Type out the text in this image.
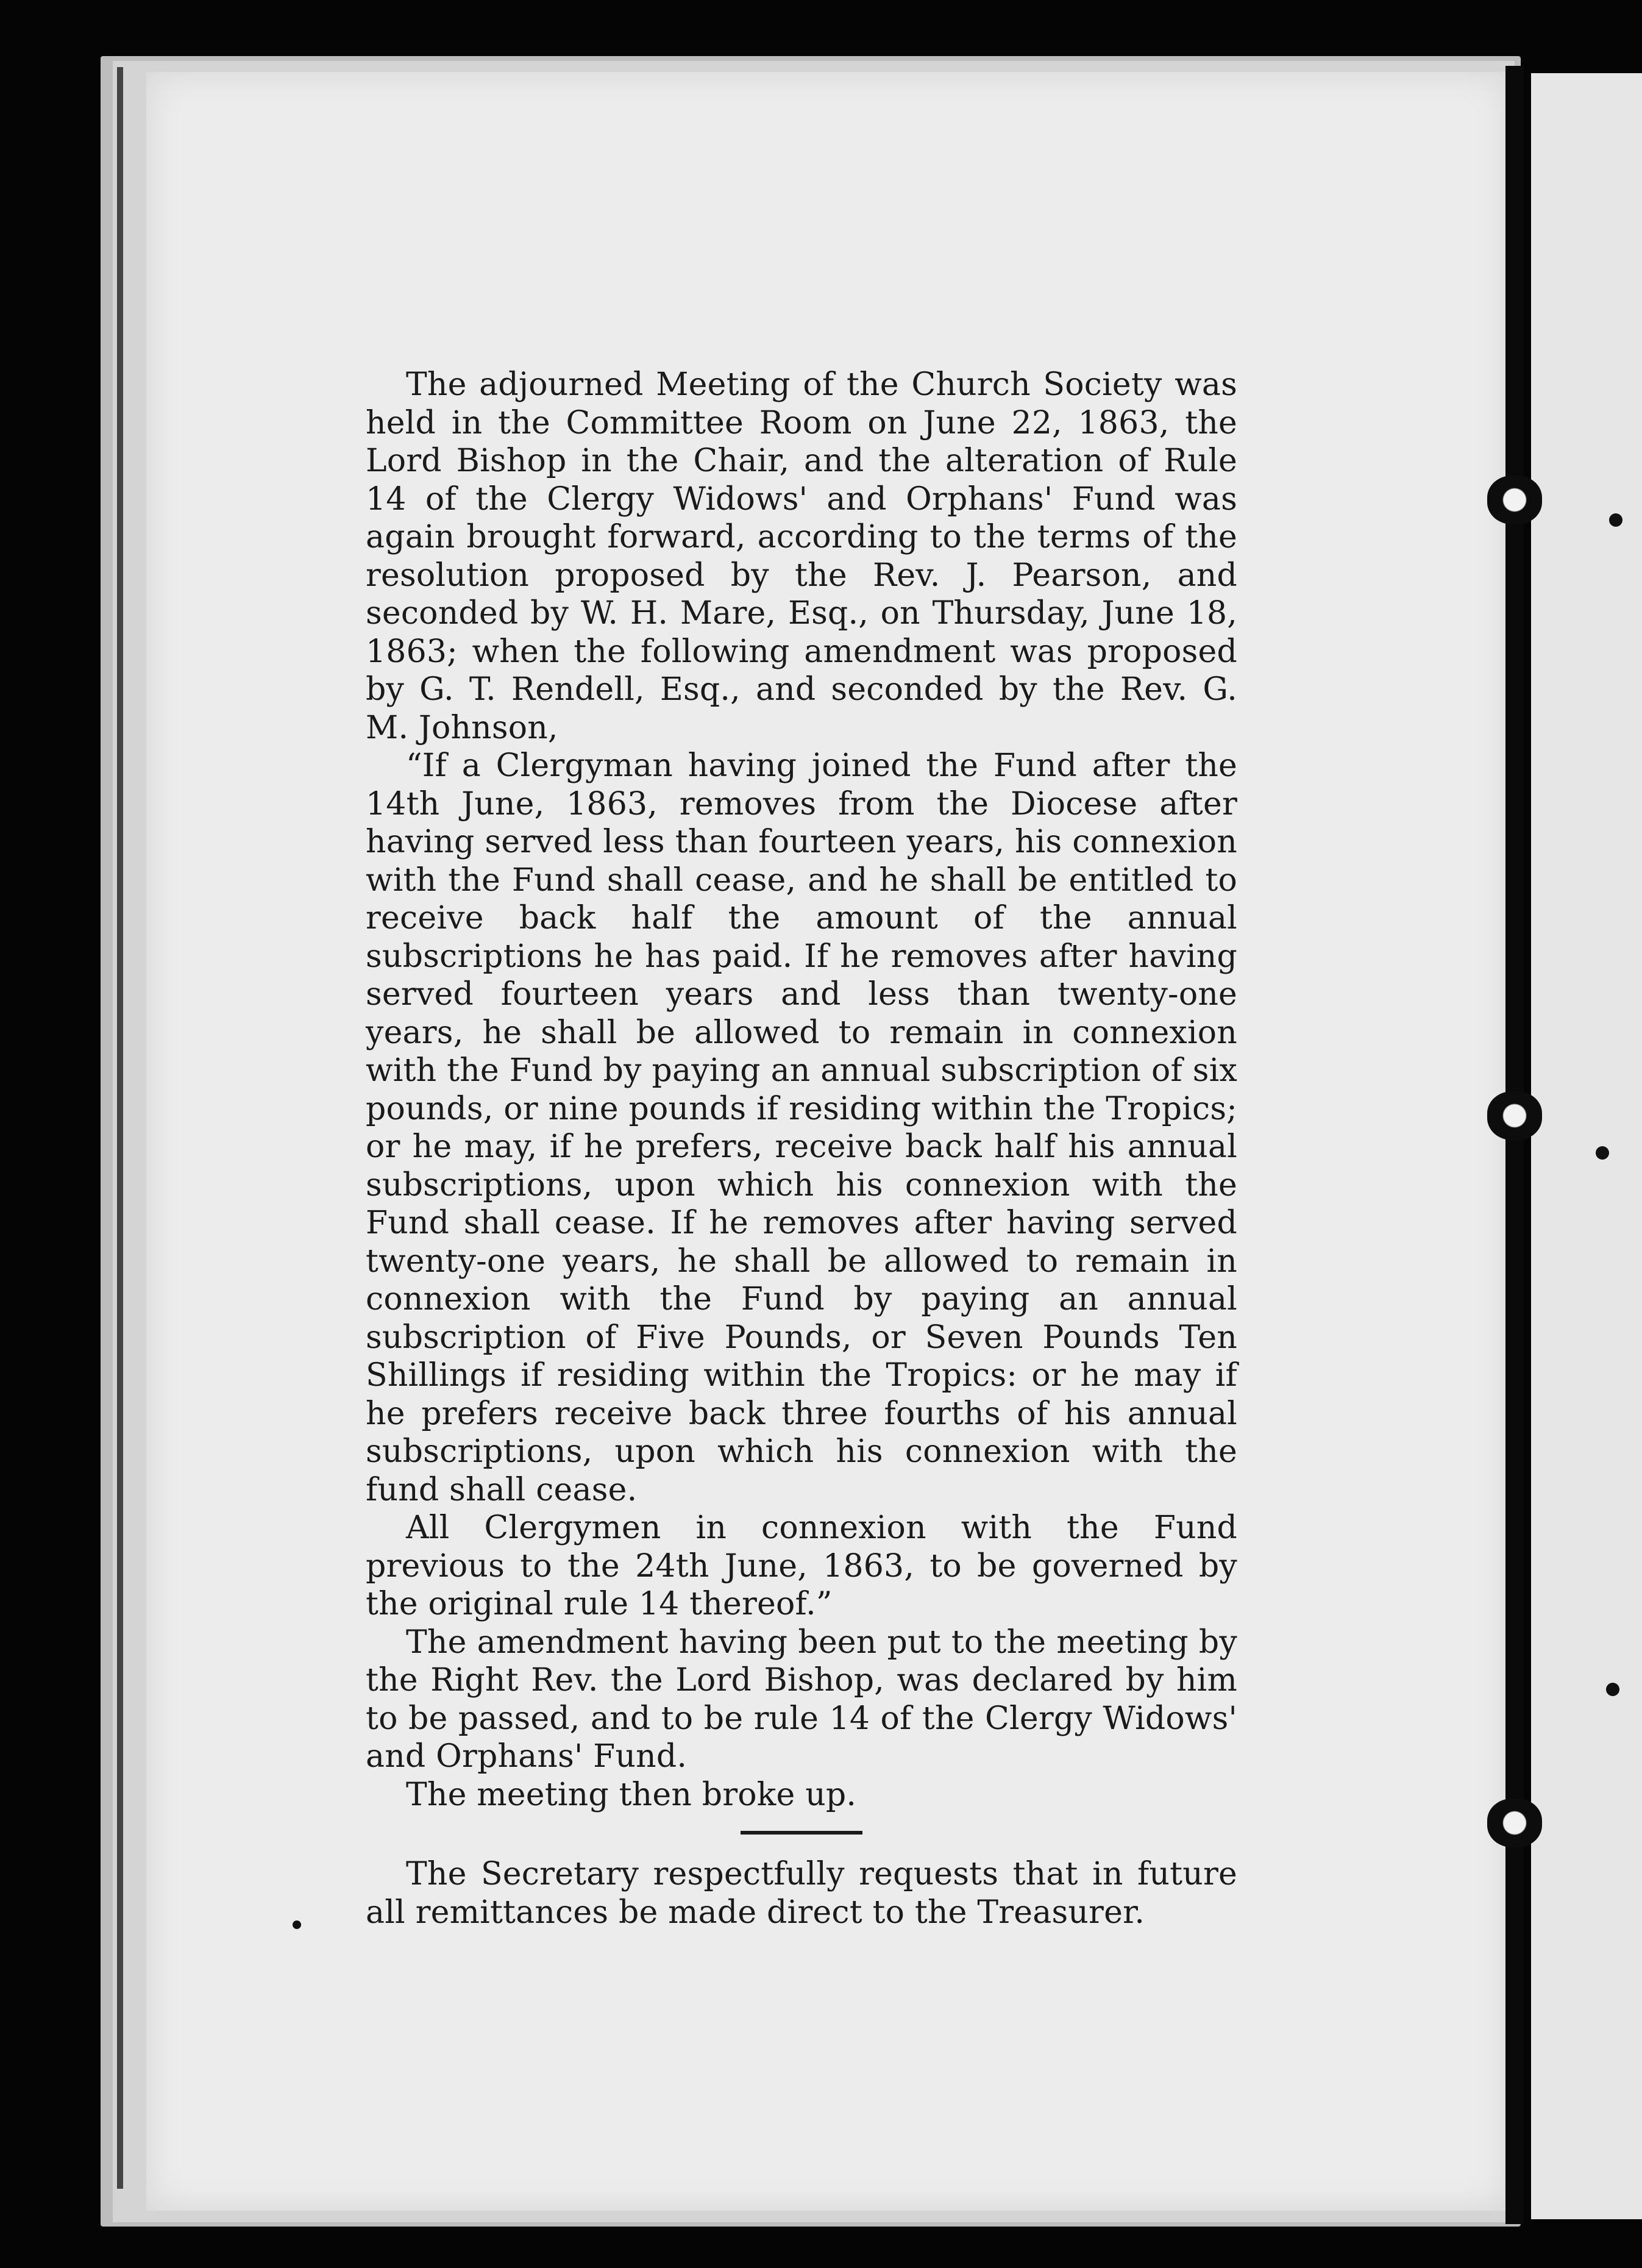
The adjourned Meeting of the Church Society was held in the Committee Room on June 22, 1863, the Lord Bishop in the Chair, and the alteration of Rule 14 of the Clergy Widows' and Orphans' Fund was again brought forward, according to the terms of the resolution proposed by the Rev. J. Pearson, and seconded by W. H. Mare, Esq., on Thursday, June 18, 1863; when the following amendment was proposed by G. T. Rendell, Esq., and seconded by the Rev. G. M. Johnson,

“If a Clergyman having joined the Fund after the 14th June, 1863, removes from the Diocese after having served less than fourteen years, his connexion with the Fund shall cease, and he shall be entitled to receive back half the amount of the annual subscriptions he has paid. If he removes after having served fourteen years and less than twenty-one years, he shall be allowed to remain in connexion with the Fund by paying an annual subscription of six pounds, or nine pounds if residing within the Tropics; or he may, if he prefers, receive back half his annual subscriptions, upon which his connexion with the Fund shall cease. If he removes after having served twenty-one years, he shall be allowed to remain in connexion with the Fund by paying an annual subscription of Five Pounds, or Seven Pounds Ten Shillings if residing within the Tropics: or he may if he prefers receive back three fourths of his annual subscriptions, upon which his connexion with the fund shall cease.

All Clergymen in connexion with the Fund previous to the 24th June, 1863, to be governed by the original rule 14 thereof.”

The amendment having been put to the meeting by the Right Rev. the Lord Bishop, was declared by him to be passed, and to be rule 14 of the Clergy Widows' and Orphans' Fund.

The meeting then broke up.

The Secretary respectfully requests that in future all remittances be made direct to the Treasurer.
